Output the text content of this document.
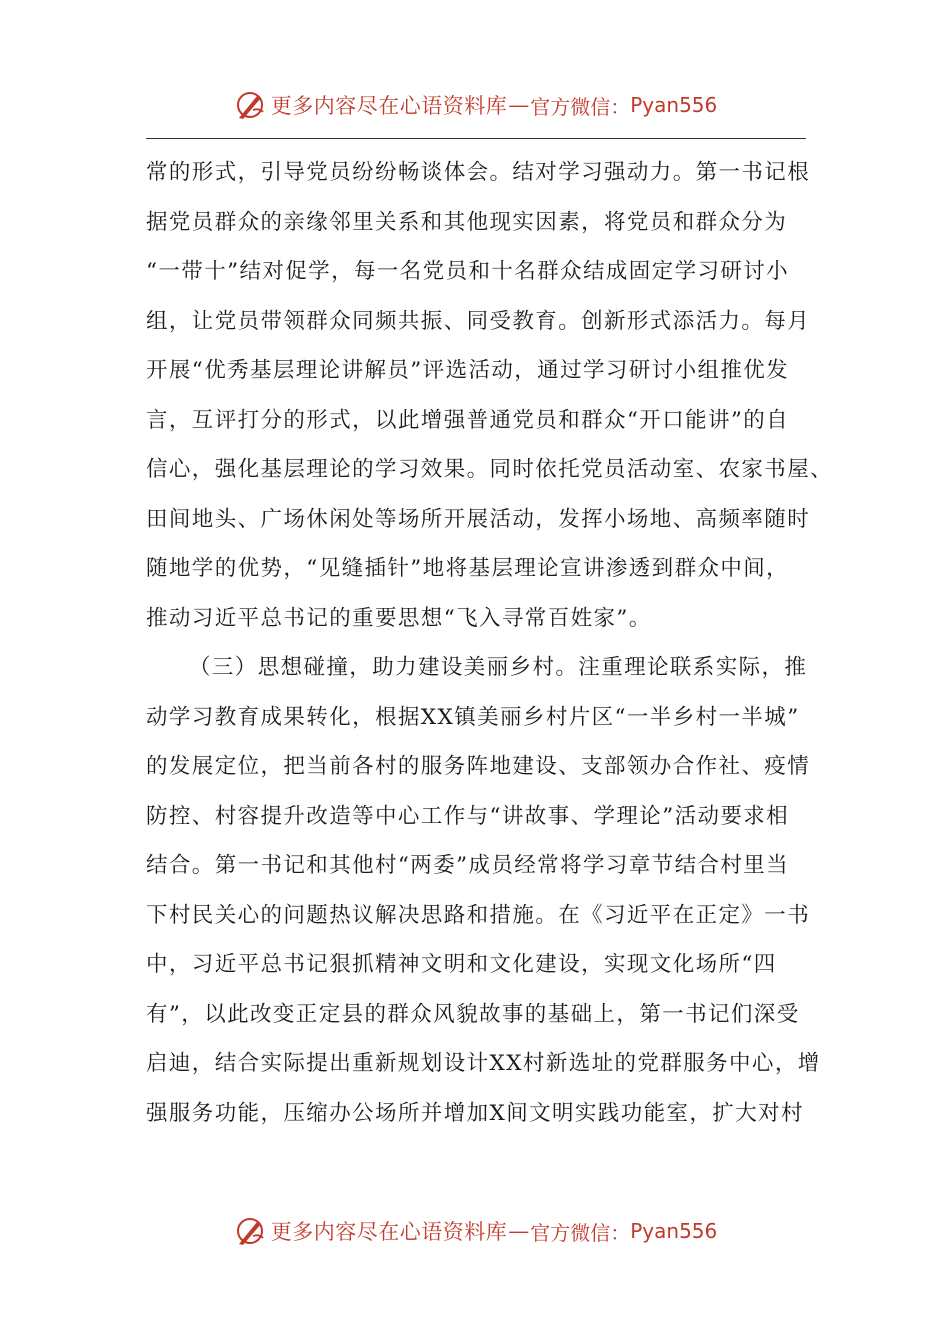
更多内容尽在心语资料库 — 官方微信： Pyan556
常的形式，引导党员纷纷畅谈体会。结对学习强动力。第一书记根
据党员群众的亲缘邻里关系和其他现实因素，将党员和群众分为
“一带十”结对促学，每一名党员和十名群众结成固定学习研讨小
组，让党员带领群众同频共振、同受教育。创新形式添活力。每月
开展“优秀基层理论讲解员”评选活动，通过学习研讨小组推优发
言，互评打分的形式，以此增强普通党员和群众“开口能讲”的自
信心，强化基层理论的学习效果。同时依托党员活动室、农家书屋、
田间地头、广场休闲处等场所开展活动，发挥小场地、高频率随时
随地学的优势，“见缝插针”地将基层理论宣讲渗透到群众中间，
推动习近平总书记的重要思想“飞入寻常百姓家”。
（三）思想碰撞，助力建设美丽乡村。注重理论联系实际，推
动学习教育成果转化，根据XX镇美丽乡村片区“一半乡村一半城”
的发展定位，把当前各村的服务阵地建设、支部领办合作社、疫情
防控、村容提升改造等中心工作与“讲故事、学理论”活动要求相
结合。第一书记和其他村“两委”成员经常将学习章节结合村里当
下村民关心的问题热议解决思路和措施。在《习近平在正定》一书
中，习近平总书记狠抓精神文明和文化建设，实现文化场所“四
有”，以此改变正定县的群众风貌故事的基础上，第一书记们深受
启迪，结合实际提出重新规划设计XX村新选址的党群服务中心，增
强服务功能，压缩办公场所并增加X间文明实践功能室，扩大对村
更多内容尽在心语资料库 — 官方微信： Pyan556
